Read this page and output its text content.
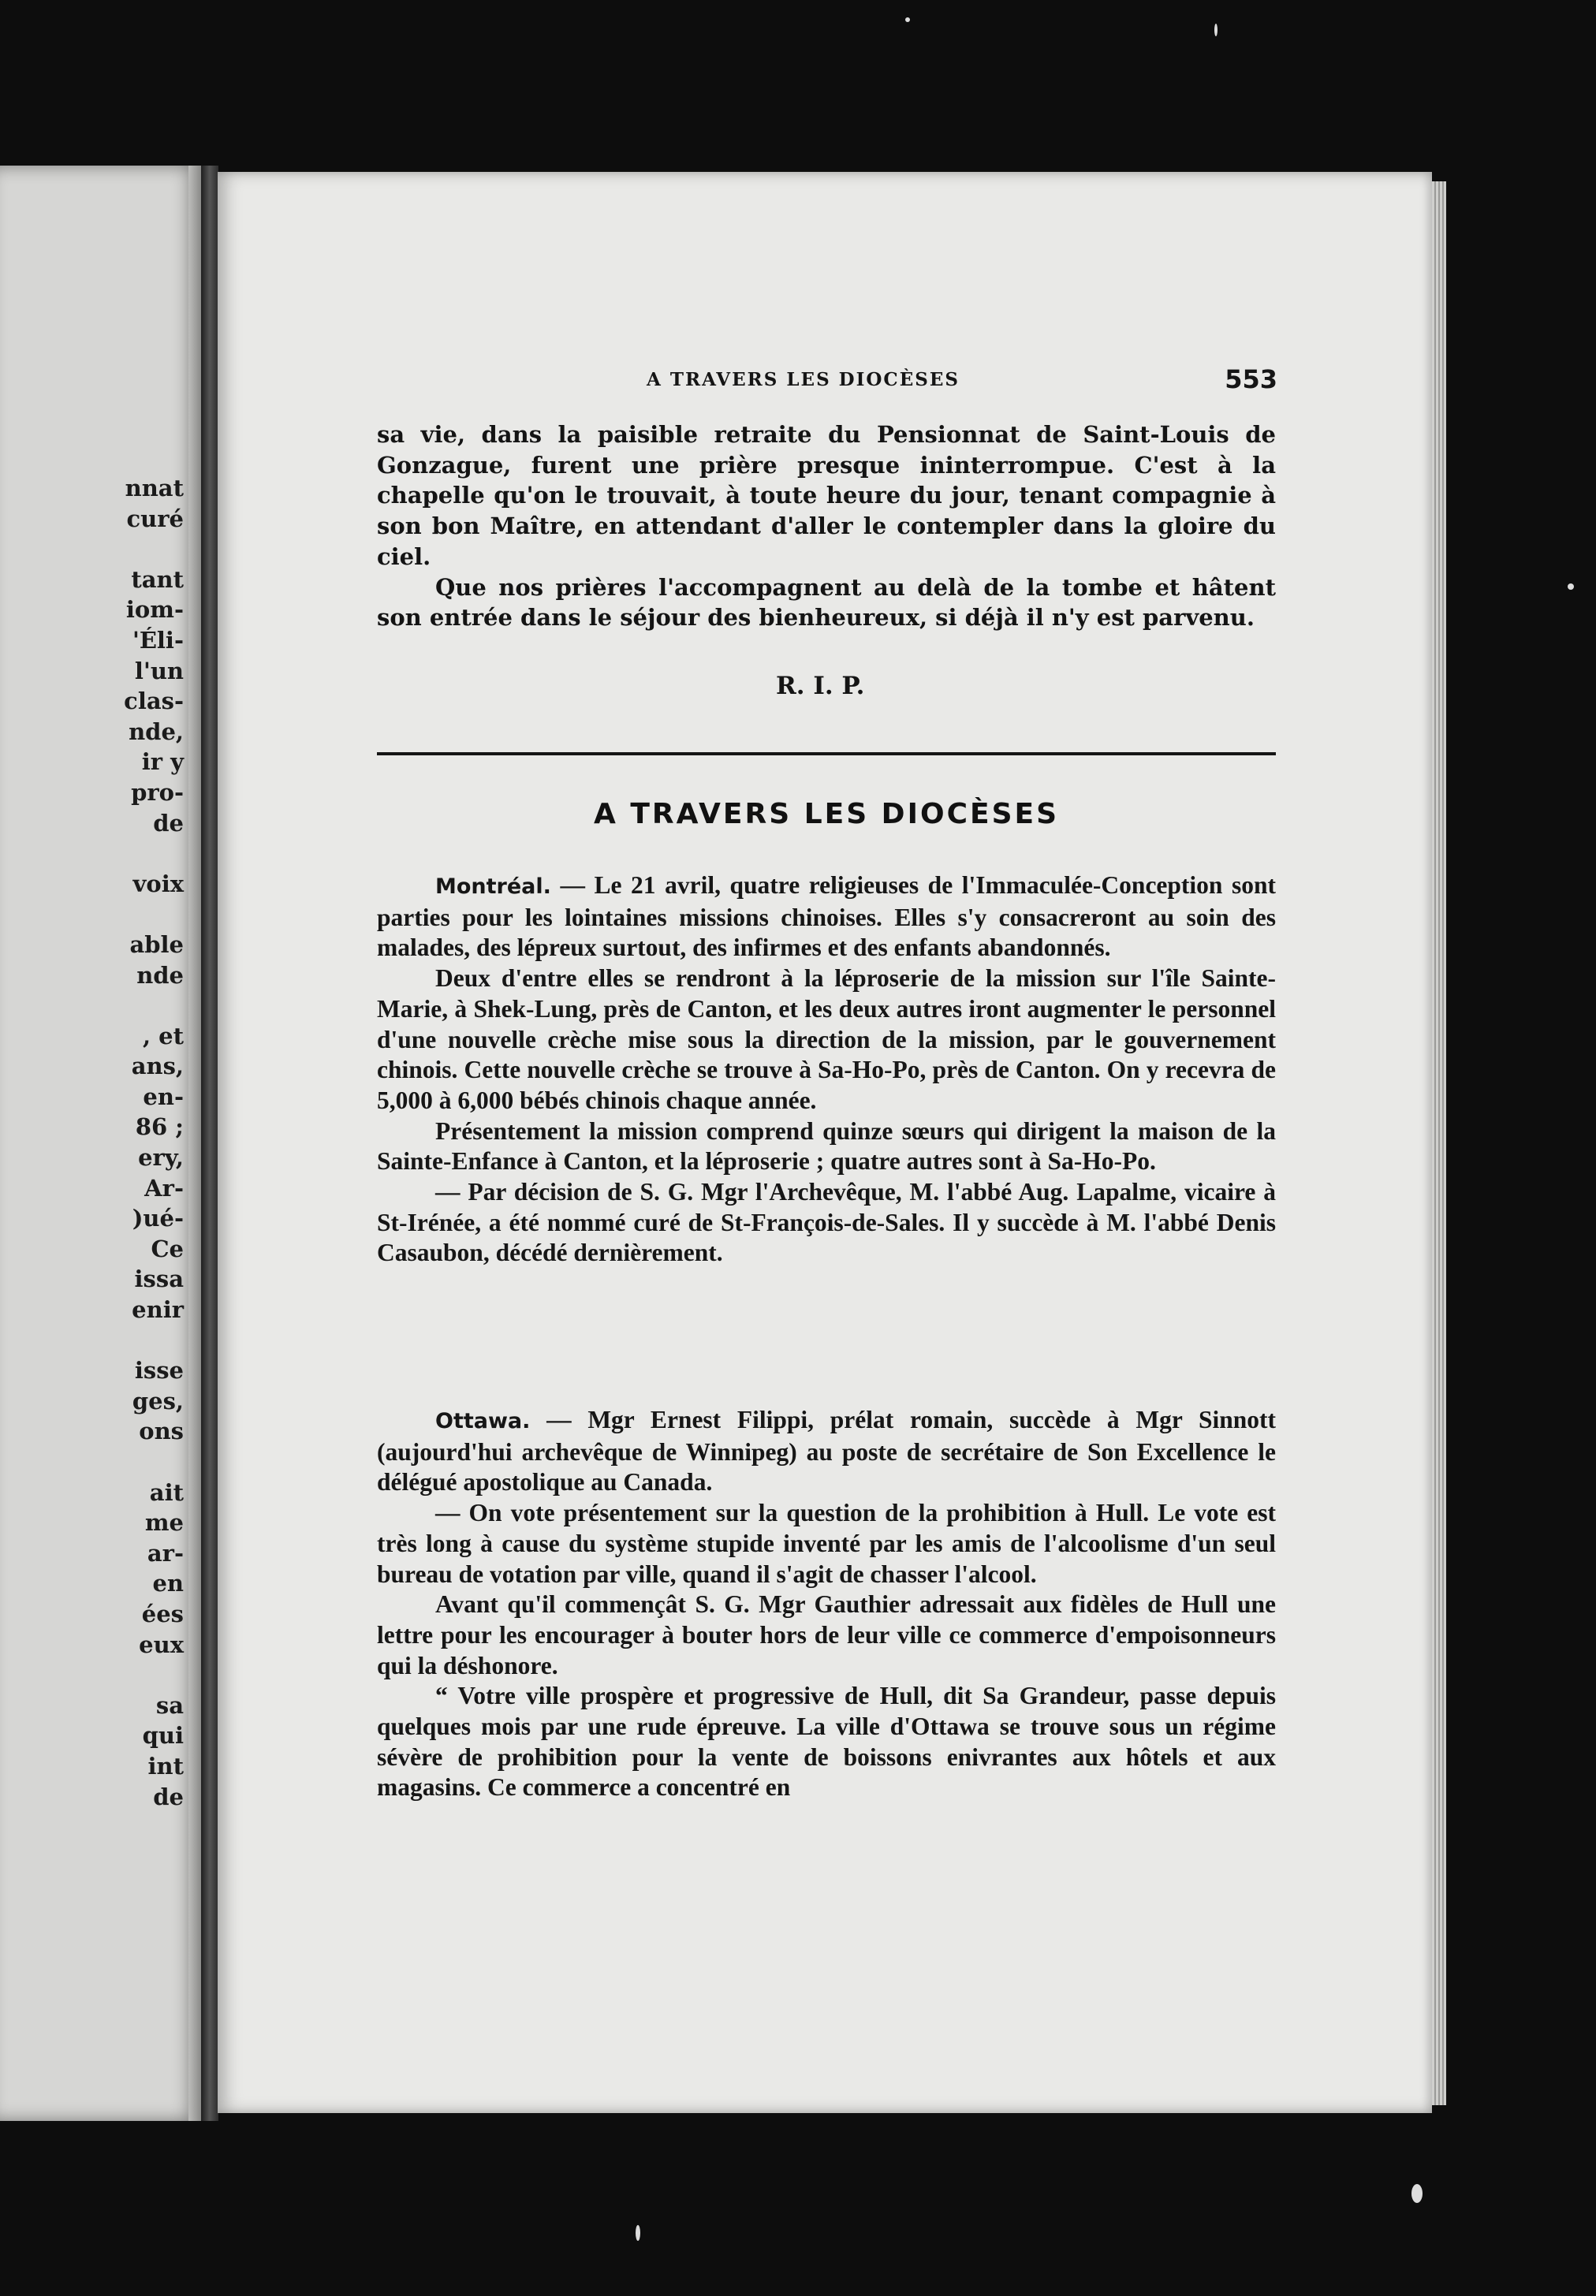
nnat
curé
tant
iom-
'Éli-
l'un
clas-
nde,
ir y
pro-
de
voix
able
nde
, et
ans,
en-
86 ;
ery,
Ar-
)ué-
Ce
issa
enir
isse
ges,
ons
ait
me
ar-
en
ées
eux
sa
qui
int
de
A TRAVERS LES DIOCÈSES	553

sa vie, dans la paisible retraite du Pensionnat de Saint-Louis de Gonzague, furent une prière presque ininterrompue. C'est à la chapelle qu'on le trouvait, à toute heure du jour, tenant compagnie à son bon Maître, en attendant d'aller le contempler dans la gloire du ciel.

Que nos prières l'accompagnent au delà de la tombe et hâtent son entrée dans le séjour des bienheureux, si déjà il n'y est parvenu.

R. I. P.
A TRAVERS LES DIOCÈSES

Montréal. — Le 21 avril, quatre religieuses de l'Immaculée-Conception sont parties pour les lointaines missions chinoises. Elles s'y consacreront au soin des malades, des lépreux surtout, des infirmes et des enfants abandonnés.

Deux d'entre elles se rendront à la léproserie de la mission sur l'île Sainte-Marie, à Shek-Lung, près de Canton, et les deux autres iront augmenter le personnel d'une nouvelle crèche mise sous la direction de la mission, par le gouvernement chinois. Cette nouvelle crèche se trouve à Sa-Ho-Po, près de Canton. On y recevra de 5,000 à 6,000 bébés chinois chaque année.

Présentement la mission comprend quinze sœurs qui dirigent la maison de la Sainte-Enfance à Canton, et la léproserie ; quatre autres sont à Sa-Ho-Po.

— Par décision de S. G. Mgr l'Archevêque, M. l'abbé Aug. Lapalme, vicaire à St-Irénée, a été nommé curé de St-François-de-Sales. Il y succède à M. l'abbé Denis Casaubon, décédé dernièrement.

Ottawa. — Mgr Ernest Filippi, prélat romain, succède à Mgr Sinnott (aujourd'hui archevêque de Winnipeg) au poste de secrétaire de Son Excellence le délégué apostolique au Canada.

— On vote présentement sur la question de la prohibition à Hull. Le vote est très long à cause du système stupide inventé par les amis de l'alcoolisme d'un seul bureau de votation par ville, quand il s'agit de chasser l'alcool.

Avant qu'il commençât S. G. Mgr Gauthier adressait aux fidèles de Hull une lettre pour les encourager à bouter hors de leur ville ce commerce d'empoisonneurs qui la déshonore.

“ Votre ville prospère et progressive de Hull, dit Sa Grandeur, passe depuis quelques mois par une rude épreuve. La ville d'Ottawa se trouve sous un régime sévère de prohibition pour la vente de boissons enivrantes aux hôtels et aux magasins. Ce commerce a concentré en
